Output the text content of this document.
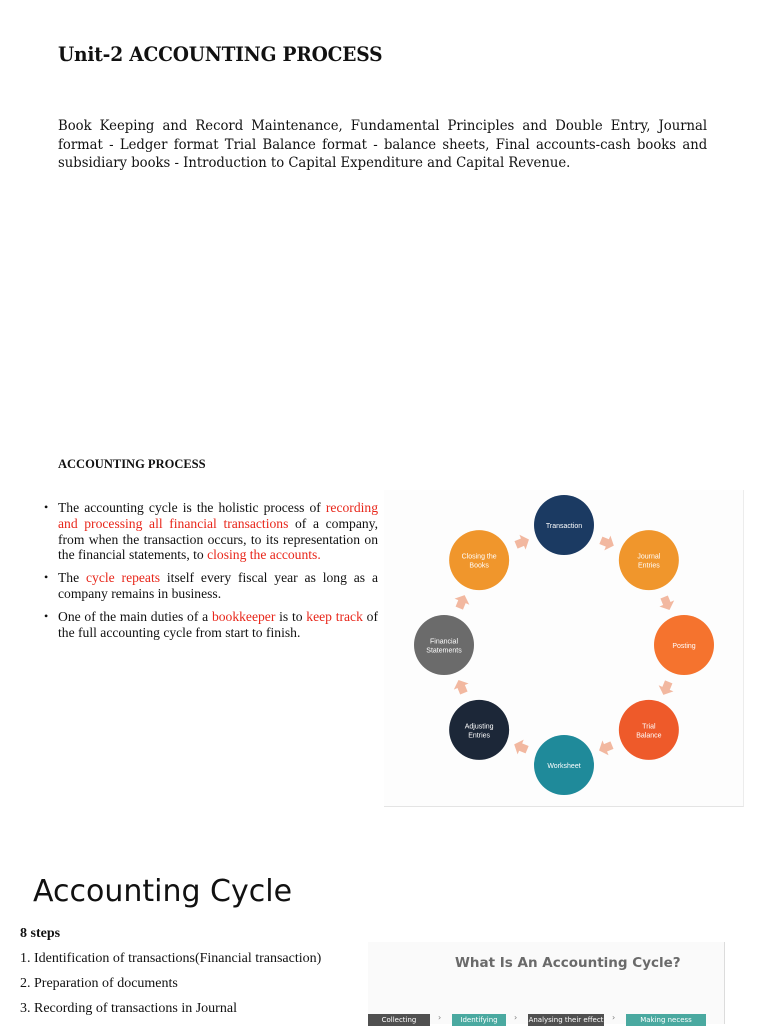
Unit-2 ACCOUNTING PROCESS
Book Keeping and Record Maintenance, Fundamental Principles and Double Entry, Journal format - Ledger format Trial Balance format - balance sheets, Final accounts-cash books and subsidiary books - Introduction to Capital Expenditure and Capital Revenue.
ACCOUNTING PROCESS
• The accounting cycle is the holistic process of recording and processing all financial transactions of a company, from when the transaction occurs, to its representation on the financial statements, to closing the accounts.
• The cycle repeats itself every fiscal year as long as a company remains in business.
• One of the main duties of a bookkeeper is to keep track of the full accounting cycle from start to finish.
Transaction
Journal
Entries
Posting
Trial
Balance
Worksheet
Adjusting
Entries
Financial
Statements
Closing the
Books
Accounting Cycle
8 steps
1. Identification of transactions(Financial transaction)
2. Preparation of documents
3. Recording of transactions in Journal
What Is An Accounting Cycle?
Collecting	›	Identifying	› Analysing their effect ›	Making necess
